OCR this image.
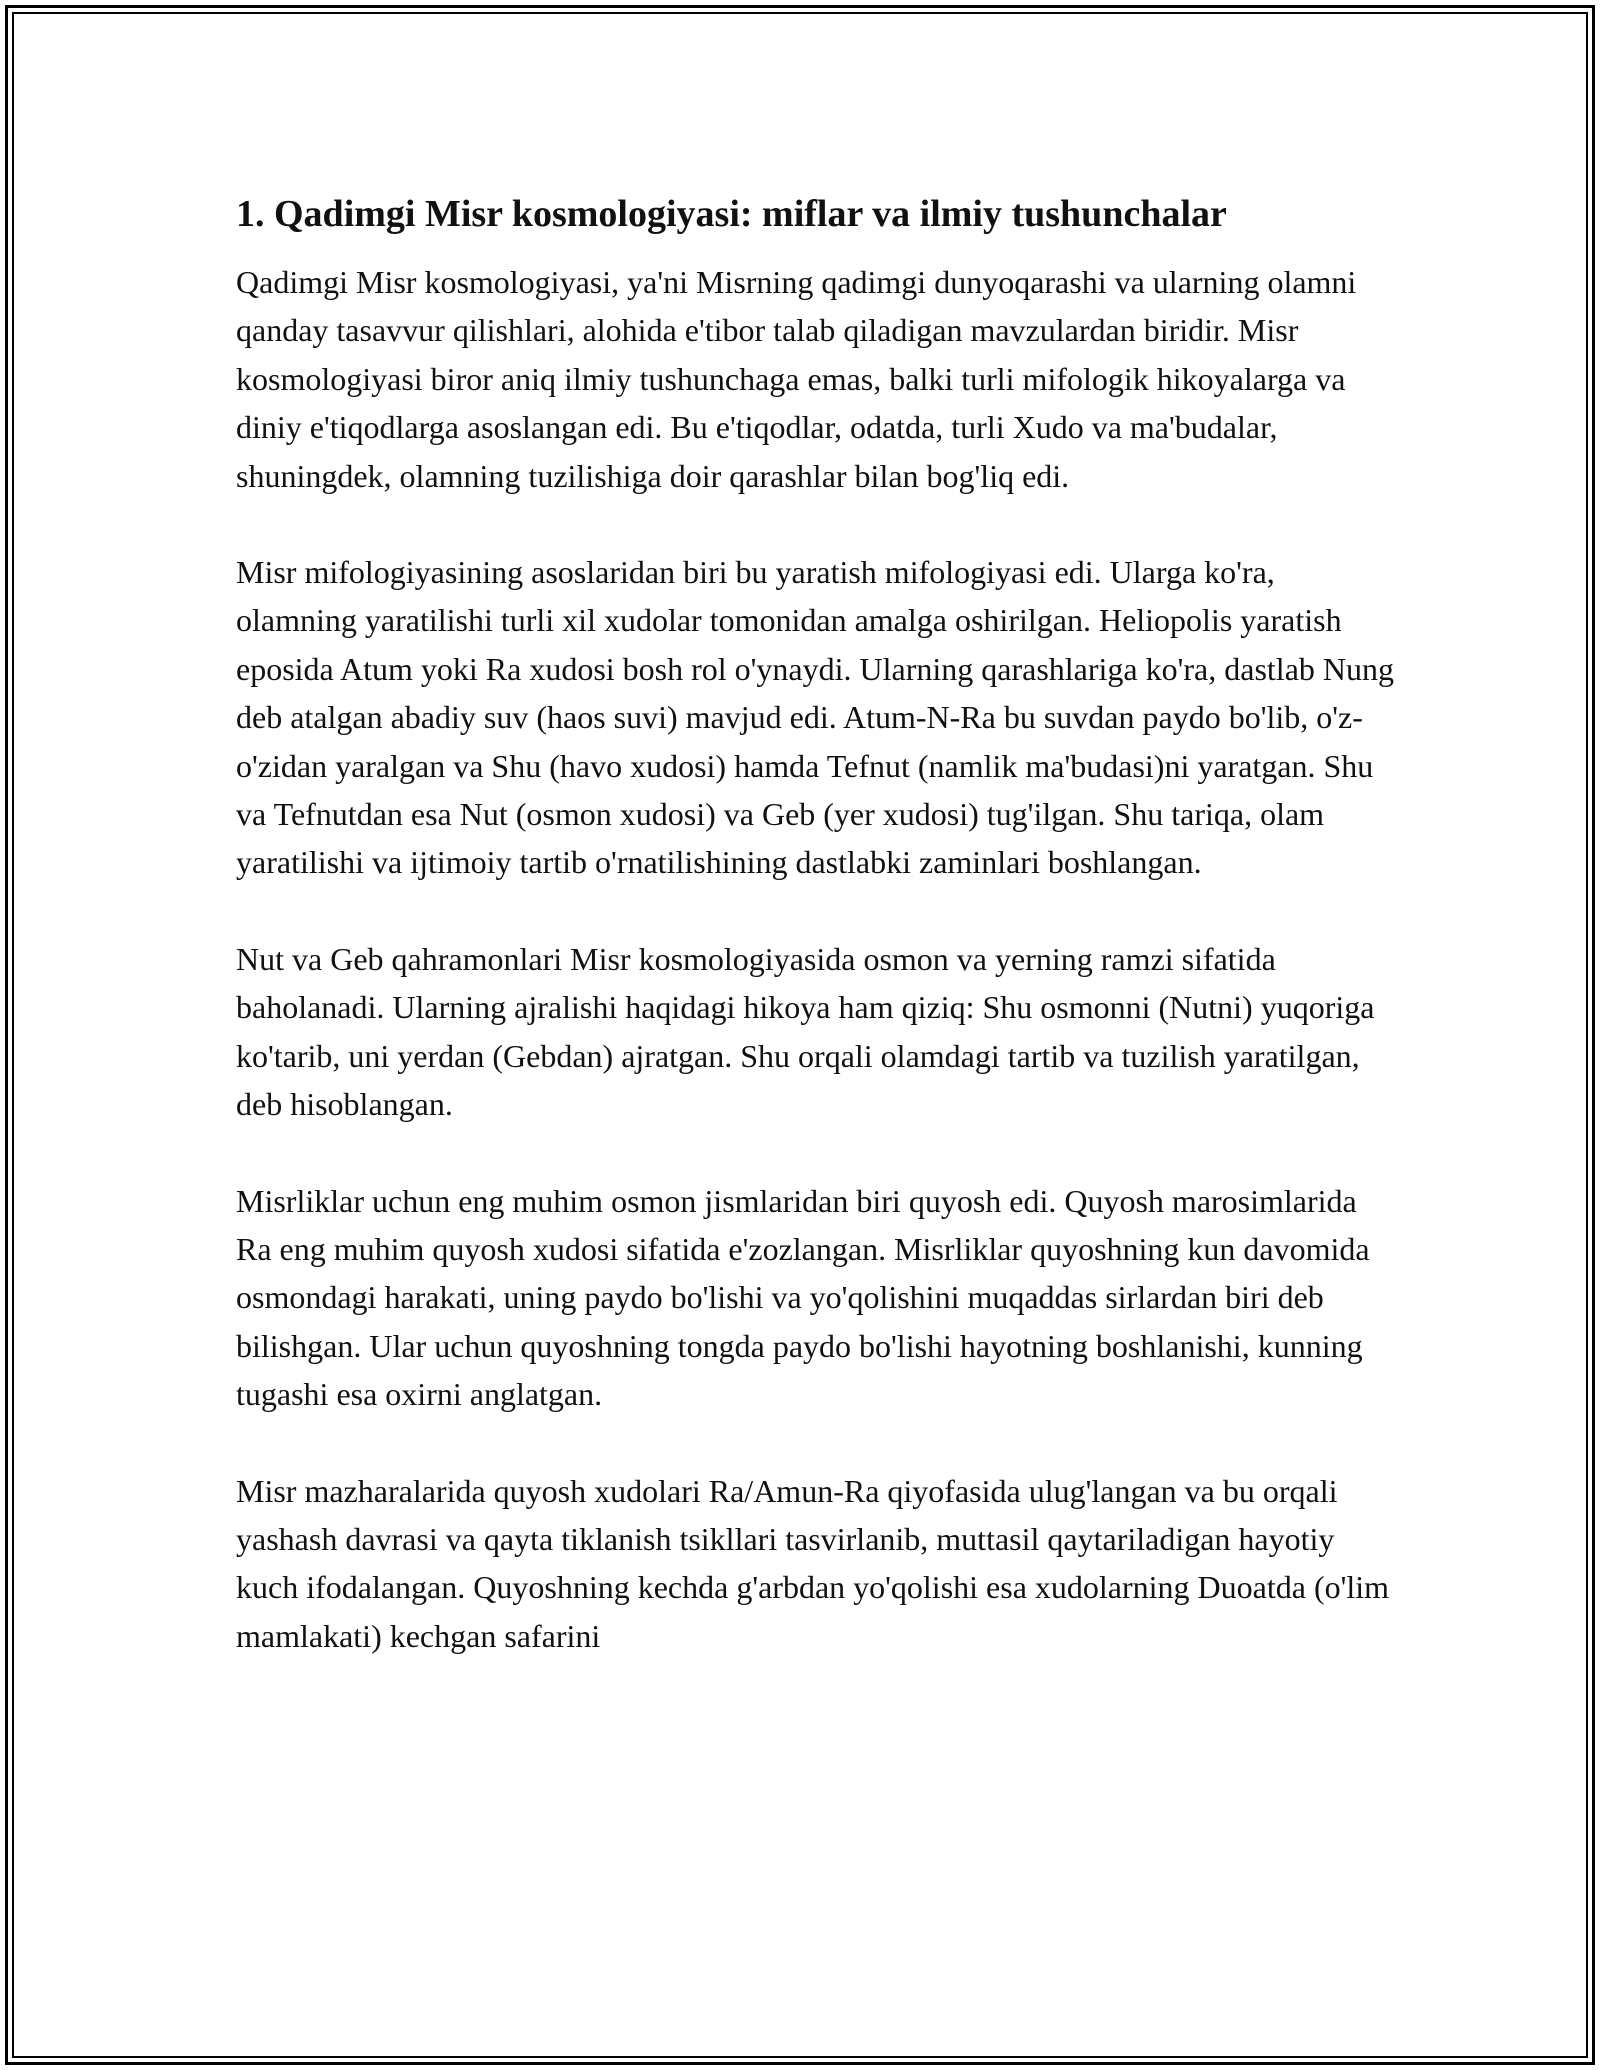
1. Qadimgi Misr kosmologiyasi: miflar va ilmiy tushunchalar

Qadimgi Misr kosmologiyasi, ya'ni Misrning qadimgi dunyoqarashi va ularning olamni qanday tasavvur qilishlari, alohida e'tibor talab qiladigan mavzulardan biridir. Misr kosmologiyasi biror aniq ilmiy tushunchaga emas, balki turli mifologik hikoyalarga va diniy e'tiqodlarga asoslangan edi. Bu e'tiqodlar, odatda, turli Xudo va ma'budalar, shuningdek, olamning tuzilishiga doir qarashlar bilan bog'liq edi.

Misr mifologiyasining asoslaridan biri bu yaratish mifologiyasi edi. Ularga ko'ra, olamning yaratilishi turli xil xudolar tomonidan amalga oshirilgan. Heliopolis yaratish eposida Atum yoki Ra xudosi bosh rol o'ynaydi. Ularning qarashlariga ko'ra, dastlab Nung deb atalgan abadiy suv (haos suvi) mavjud edi. Atum-N-Ra bu suvdan paydo bo'lib, o'z-o'zidan yaralgan va Shu (havo xudosi) hamda Tefnut (namlik ma'budasi)ni yaratgan. Shu va Tefnutdan esa Nut (osmon xudosi) va Geb (yer xudosi) tug'ilgan. Shu tariqa, olam yaratilishi va ijtimoiy tartib o'rnatilishining dastlabki zaminlari boshlangan.

Nut va Geb qahramonlari Misr kosmologiyasida osmon va yerning ramzi sifatida baholanadi. Ularning ajralishi haqidagi hikoya ham qiziq: Shu osmonni (Nutni) yuqoriga ko'tarib, uni yerdan (Gebdan) ajratgan. Shu orqali olamdagi tartib va tuzilish yaratilgan, deb hisoblangan.

Misrliklar uchun eng muhim osmon jismlaridan biri quyosh edi. Quyosh marosimlarida Ra eng muhim quyosh xudosi sifatida e'zozlangan. Misrliklar quyoshning kun davomida osmondagi harakati, uning paydo bo'lishi va yo'qolishini muqaddas sirlardan biri deb bilishgan. Ular uchun quyoshning tongda paydo bo'lishi hayotning boshlanishi, kunning tugashi esa oxirni anglatgan.

Misr mazharalarida quyosh xudolari Ra/Amun-Ra qiyofasida ulug'langan va bu orqali yashash davrasi va qayta tiklanish tsikllari tasvirlanib, muttasil qaytariladigan hayotiy kuch ifodalangan. Quyoshning kechda g'arbdan yo'qolishi esa xudolarning Duoatda (o'lim mamlakati) kechgan safarini
